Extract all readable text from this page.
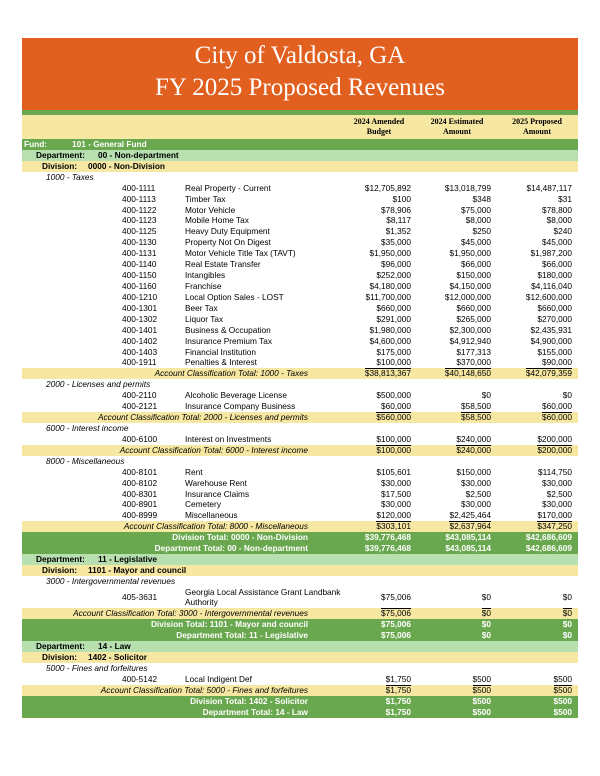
City of Valdosta, GA
FY 2025 Proposed Revenues
2024 Amended Budget
2024 Estimated Amount
2025 Proposed Amount
Fund:	101 - General Fund
Department: 00 - Non-department
Division: 0000 - Non-Division
1000 - Taxes
400-1111	Real Property - Current	$12,705,892	$13,018,799	$14,487,117
400-1113	Timber Tax	$100	$348	$31
400-1122	Motor Vehicle	$78,906	$75,000	$78,800
400-1123	Mobile Home Tax	$8,117	$8,000	$8,000
400-1125	Heavy Duty Equipment	$1,352	$250	$240
400-1130	Property Not On Digest	$35,000	$45,000	$45,000
400-1131	Motor Vehicle Title Tax (TAVT)	$1,950,000	$1,950,000	$1,987,200
400-1140	Real Estate Transfer	$96,000	$66,000	$66,000
400-1150	Intangibles	$252,000	$150,000	$180,000
400-1160	Franchise	$4,180,000	$4,150,000	$4,116,040
400-1210	Local Option Sales - LOST	$11,700,000	$12,000,000	$12,600,000
400-1301	Beer Tax	$660,000	$660,000	$660,000
400-1302	Liquor Tax	$291,000	$265,000	$270,000
400-1401	Business & Occupation	$1,980,000	$2,300,000	$2,435,931
400-1402	Insurance Premium Tax	$4,600,000	$4,912,940	$4,900,000
400-1403	Financial Institution	$175,000	$177,313	$155,000
400-1911	Penalties & Interest	$100,000	$370,000	$90,000
Account Classification Total: 1000 - Taxes	$38,813,367	$40,148,650	$42,079,359
2000 - Licenses and permits
400-2110	Alcoholic Beverage License	$500,000	$0	$0
400-2121	Insurance Company Business	$60,000	$58,500	$60,000
Account Classification Total: 2000 - Licenses and permits	$560,000	$58,500	$60,000
6000 - Interest income
400-6100	Interest on Investments	$100,000	$240,000	$200,000
Account Classification Total: 6000 - Interest income	$100,000	$240,000	$200,000
8000 - Miscellaneous
400-8101	Rent	$105,601	$150,000	$114,750
400-8102	Warehouse Rent	$30,000	$30,000	$30,000
400-8301	Insurance Claims	$17,500	$2,500	$2,500
400-8901	Cemetery	$30,000	$30,000	$30,000
400-8999	Miscellaneous	$120,000	$2,425,464	$170,000
Account Classification Total: 8000 - Miscellaneous	$303,101	$2,637,964	$347,250
Division Total: 0000 - Non-Division	$39,776,468	$43,085,114	$42,686,609
Department Total: 00 - Non-department	$39,776,468	$43,085,114	$42,686,609
Department: 11 - Legislative
Division: 1101 - Mayor and council
3000 - Intergovernmental revenues
405-3631	Georgia Local Assistance Grant Landbank Authority
$75,006	$0	$0
Account Classification Total: 3000 - Intergovernmental revenues	$75,006	$0	$0
Division Total: 1101 - Mayor and council	$75,006	$0	$0
Department Total: 11 - Legislative	$75,006	$0	$0
Department: 14 - Law
Division: 1402 - Solicitor
5000 - Fines and forfeitures
400-5142	Local Indigent Def	$1,750	$500	$500
Account Classification Total: 5000 - Fines and forfeitures	$1,750	$500	$500
Division Total: 1402 - Solicitor	$1,750	$500	$500
Department Total: 14 - Law	$1,750	$500	$500
